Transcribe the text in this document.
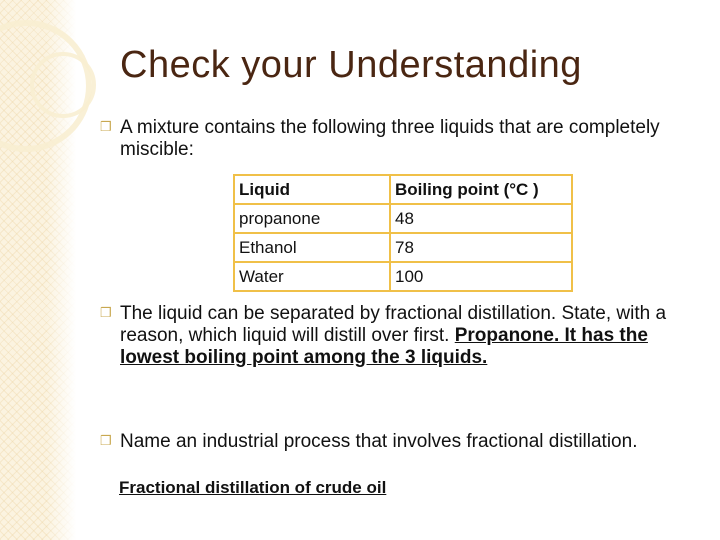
Check your Understanding
❒ A mixture contains the following three liquids that are completely miscible:
Liquid	Boiling point (°C )
propanone	48
Ethanol	78
Water	100
❒ The liquid can be separated by fractional distillation. State, with a reason, which liquid will distill over first. Propanone. It has the lowest boiling point among the 3 liquids.
❒ Name an industrial process that involves fractional distillation.
Fractional distillation of crude oil
